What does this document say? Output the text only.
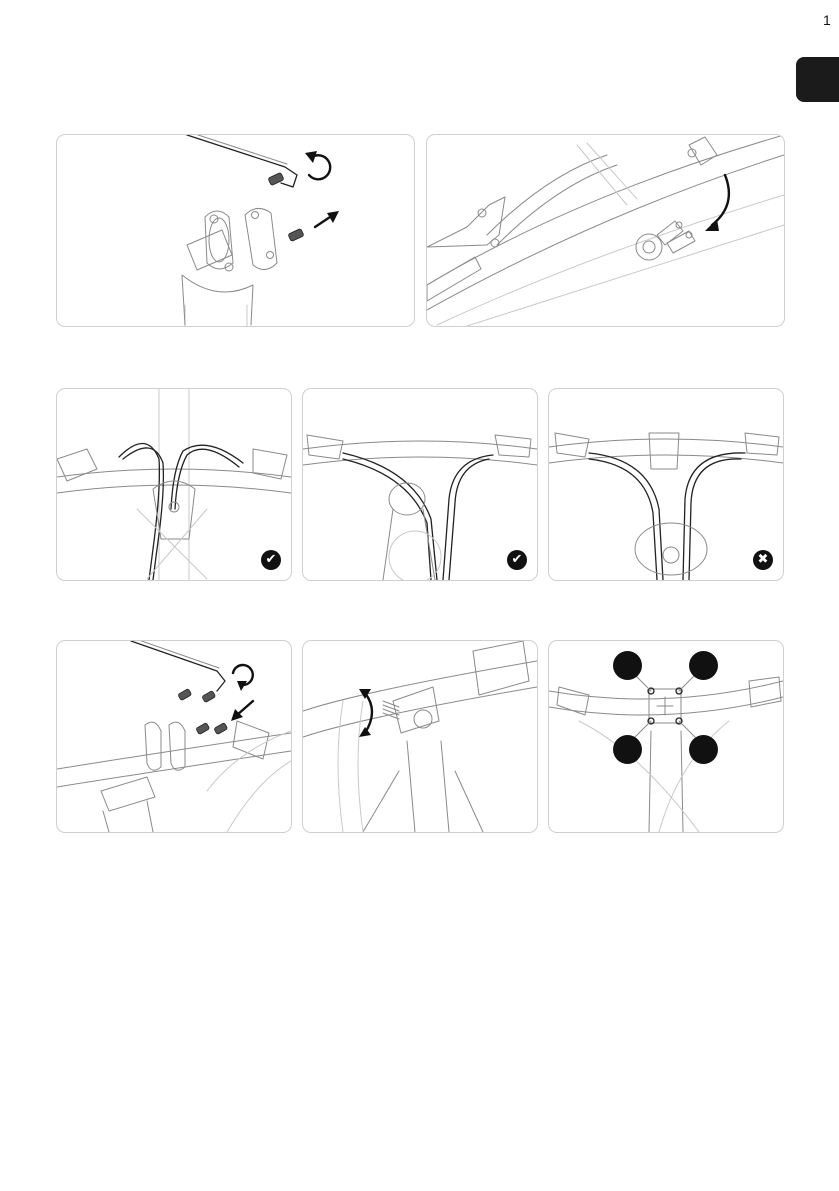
1
✔	✔	✖
